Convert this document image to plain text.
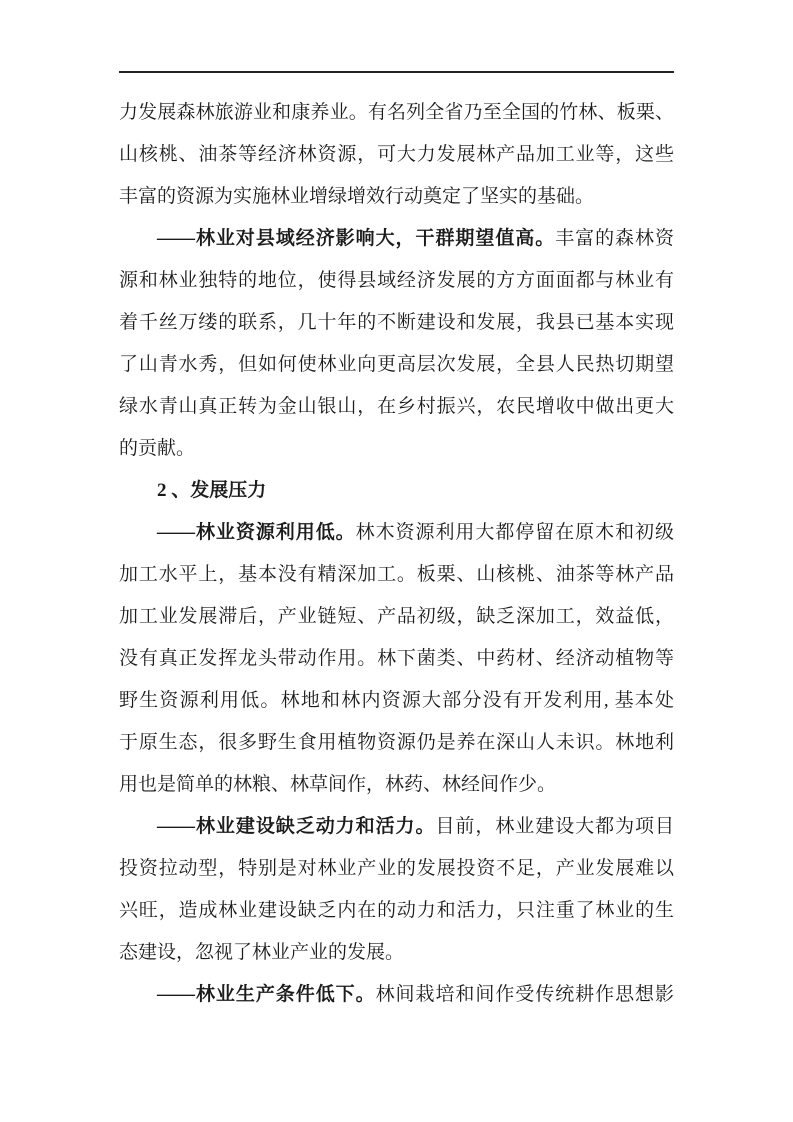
力发展森林旅游业和康养业。有名列全省乃至全国的竹林、板栗、
山核桃、油茶等经济林资源，可大力发展林产品加工业等，这些
丰富的资源为实施林业增绿增效行动奠定了坚实的基础。
——林业对县域经济影响大，干群期望值高。丰富的森林资
源和林业独特的地位，使得县域经济发展的方方面面都与林业有
着千丝万缕的联系，几十年的不断建设和发展，我县已基本实现
了山青水秀，但如何使林业向更高层次发展，全县人民热切期望
绿水青山真正转为金山银山，在乡村振兴，农民增收中做出更大
的贡献。
2 、发展压力
——林业资源利用低。林木资源利用大都停留在原木和初级
加工水平上，基本没有精深加工。板栗、山核桃、油茶等林产品
加工业发展滞后，产业链短、产品初级，缺乏深加工，效益低，
没有真正发挥龙头带动作用。林下菌类、中药材、经济动植物等
野生资源利用低。林地和林内资源大部分没有开发利用, 基本处
于原生态，很多野生食用植物资源仍是养在深山人未识。林地利
用也是简单的林粮、林草间作，林药、林经间作少。
——林业建设缺乏动力和活力。目前，林业建设大都为项目
投资拉动型，特别是对林业产业的发展投资不足，产业发展难以
兴旺，造成林业建设缺乏内在的动力和活力，只注重了林业的生
态建设，忽视了林业产业的发展。
——林业生产条件低下。林间栽培和间作受传统耕作思想影
